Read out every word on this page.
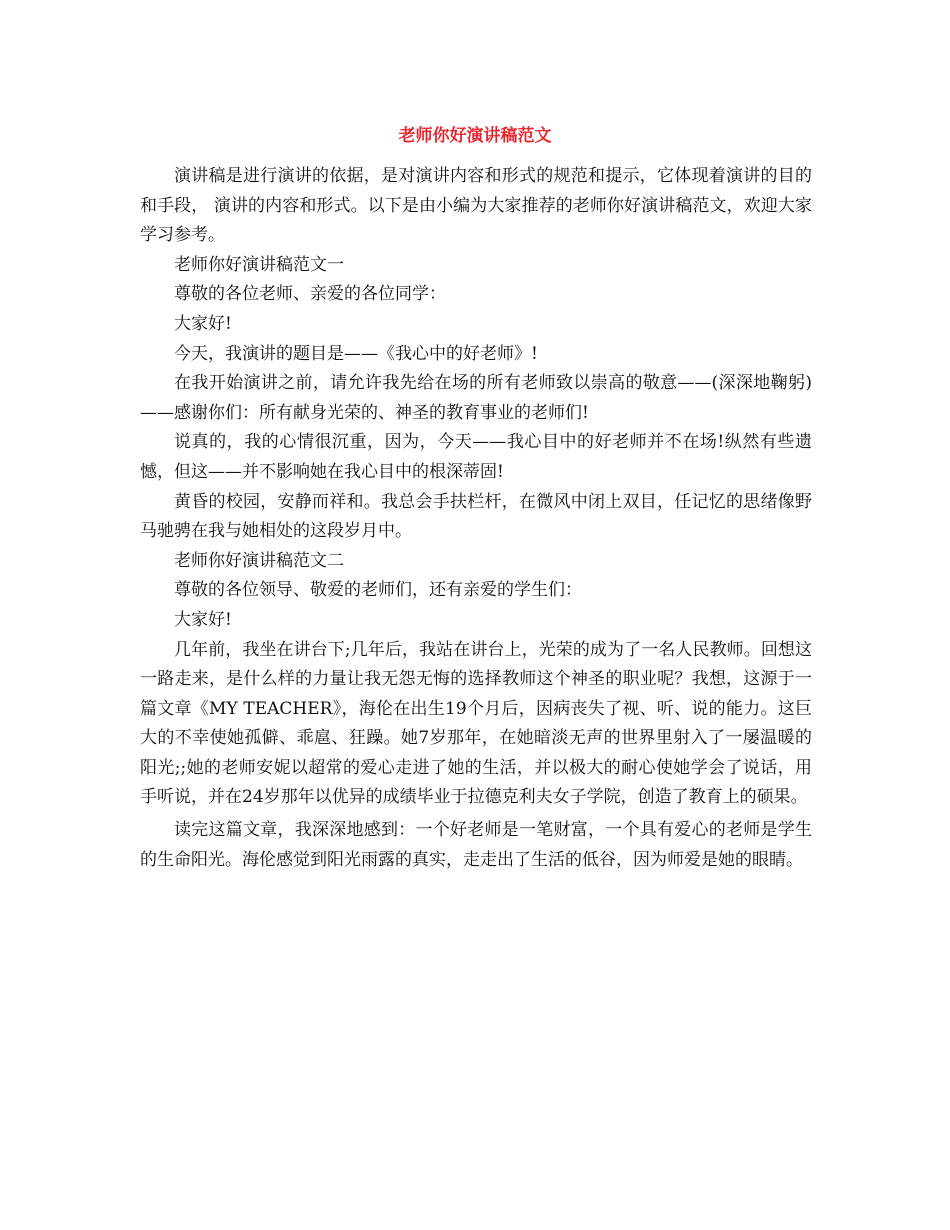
老师你好演讲稿范文

演讲稿是进行演讲的依据，是对演讲内容和形式的规范和提示，它体现着演讲的目的和手段， 演讲的内容和形式。以下是由小编为大家推荐的老师你好演讲稿范文，欢迎大家学习参考。

老师你好演讲稿范文一

尊敬的各位老师、亲爱的各位同学：

大家好!

今天，我演讲的题目是——《我心中的好老师》!

在我开始演讲之前，请允许我先给在场的所有老师致以崇高的敬意——(深深地鞠躬)——感谢你们：所有献身光荣的、神圣的教育事业的老师们!

说真的，我的心情很沉重，因为，今天——我心目中的好老师并不在场!纵然有些遗憾，但这——并不影响她在我心目中的根深蒂固!

黄昏的校园，安静而祥和。我总会手扶栏杆，在微风中闭上双目，任记忆的思绪像野马驰骋在我与她相处的这段岁月中。

老师你好演讲稿范文二

尊敬的各位领导、敬爱的老师们，还有亲爱的学生们：

大家好!

几年前，我坐在讲台下;几年后，我站在讲台上，光荣的成为了一名人民教师。回想这一路走来，是什么样的力量让我无怨无悔的选择教师这个神圣的职业呢？我想，这源于一篇文章《MY TEACHER》，海伦在出生19个月后，因病丧失了视、听、说的能力。这巨大的不幸使她孤僻、乖扈、狂躁。她7岁那年，在她暗淡无声的世界里射入了一屡温暖的阳光;;她的老师安妮以超常的爱心走进了她的生活，并以极大的耐心使她学会了说话，用手听说，并在24岁那年以优异的成绩毕业于拉德克利夫女子学院，创造了教育上的硕果。

读完这篇文章，我深深地感到：一个好老师是一笔财富，一个具有爱心的老师是学生的生命阳光。海伦感觉到阳光雨露的真实，走走出了生活的低谷，因为师爱是她的眼睛。
